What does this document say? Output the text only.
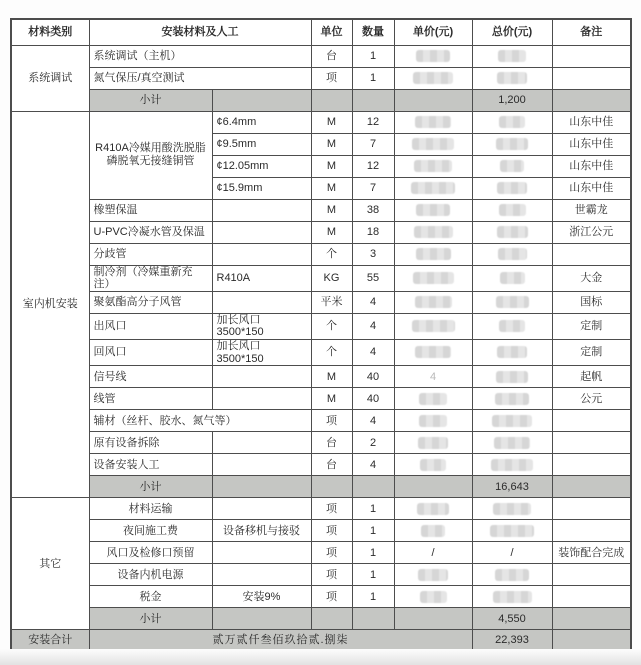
材料类别	安装材料及人工		单位	数量	单价(元)	总价(元)	备注
系统调试	系统调试（主机）		台	1			
	氮气保压/真空测试		项	1			
	小计					1,200	
室内机安装	R410A冷媒用酸洗脱脂磷脱氧无接缝铜管	¢6.4mm	M	12			山东中佳
		¢9.5mm	M	7			山东中佳
		¢12.05mm	M	12			山东中佳
		¢15.9mm	M	7			山东中佳
	橡塑保温		M	38			世霸龙
	U-PVC冷凝水管及保温		M	18			浙江公元
	分歧管		个	3			
	制冷剂（冷媒重新充注）	R410A	KG	55			大金
	聚氨酯高分子风管		平米	4			国标
	出风口	加长风口 3500*150	个	4			定制
	回风口	加长风口 3500*150	个	4			定制
	信号线		M	40	4		起帆
	线管		M	40			公元
	辅材（丝杆、胶水、氮气等）		项	4			
	原有设备拆除		台	2			
	设备安装人工		台	4			
	小计					16,643	
其它	材料运输		项	1			
	夜间施工费	设备移机与接驳	项	1			
	风口及检修口预留		项	1	/	/	装饰配合完成
	设备内机电源		项	1			
	税金	安装9%	项	1			
	小计					4,550	
安装合计	贰万贰仟叁佰玖拾贰.捌柒					22,393	
